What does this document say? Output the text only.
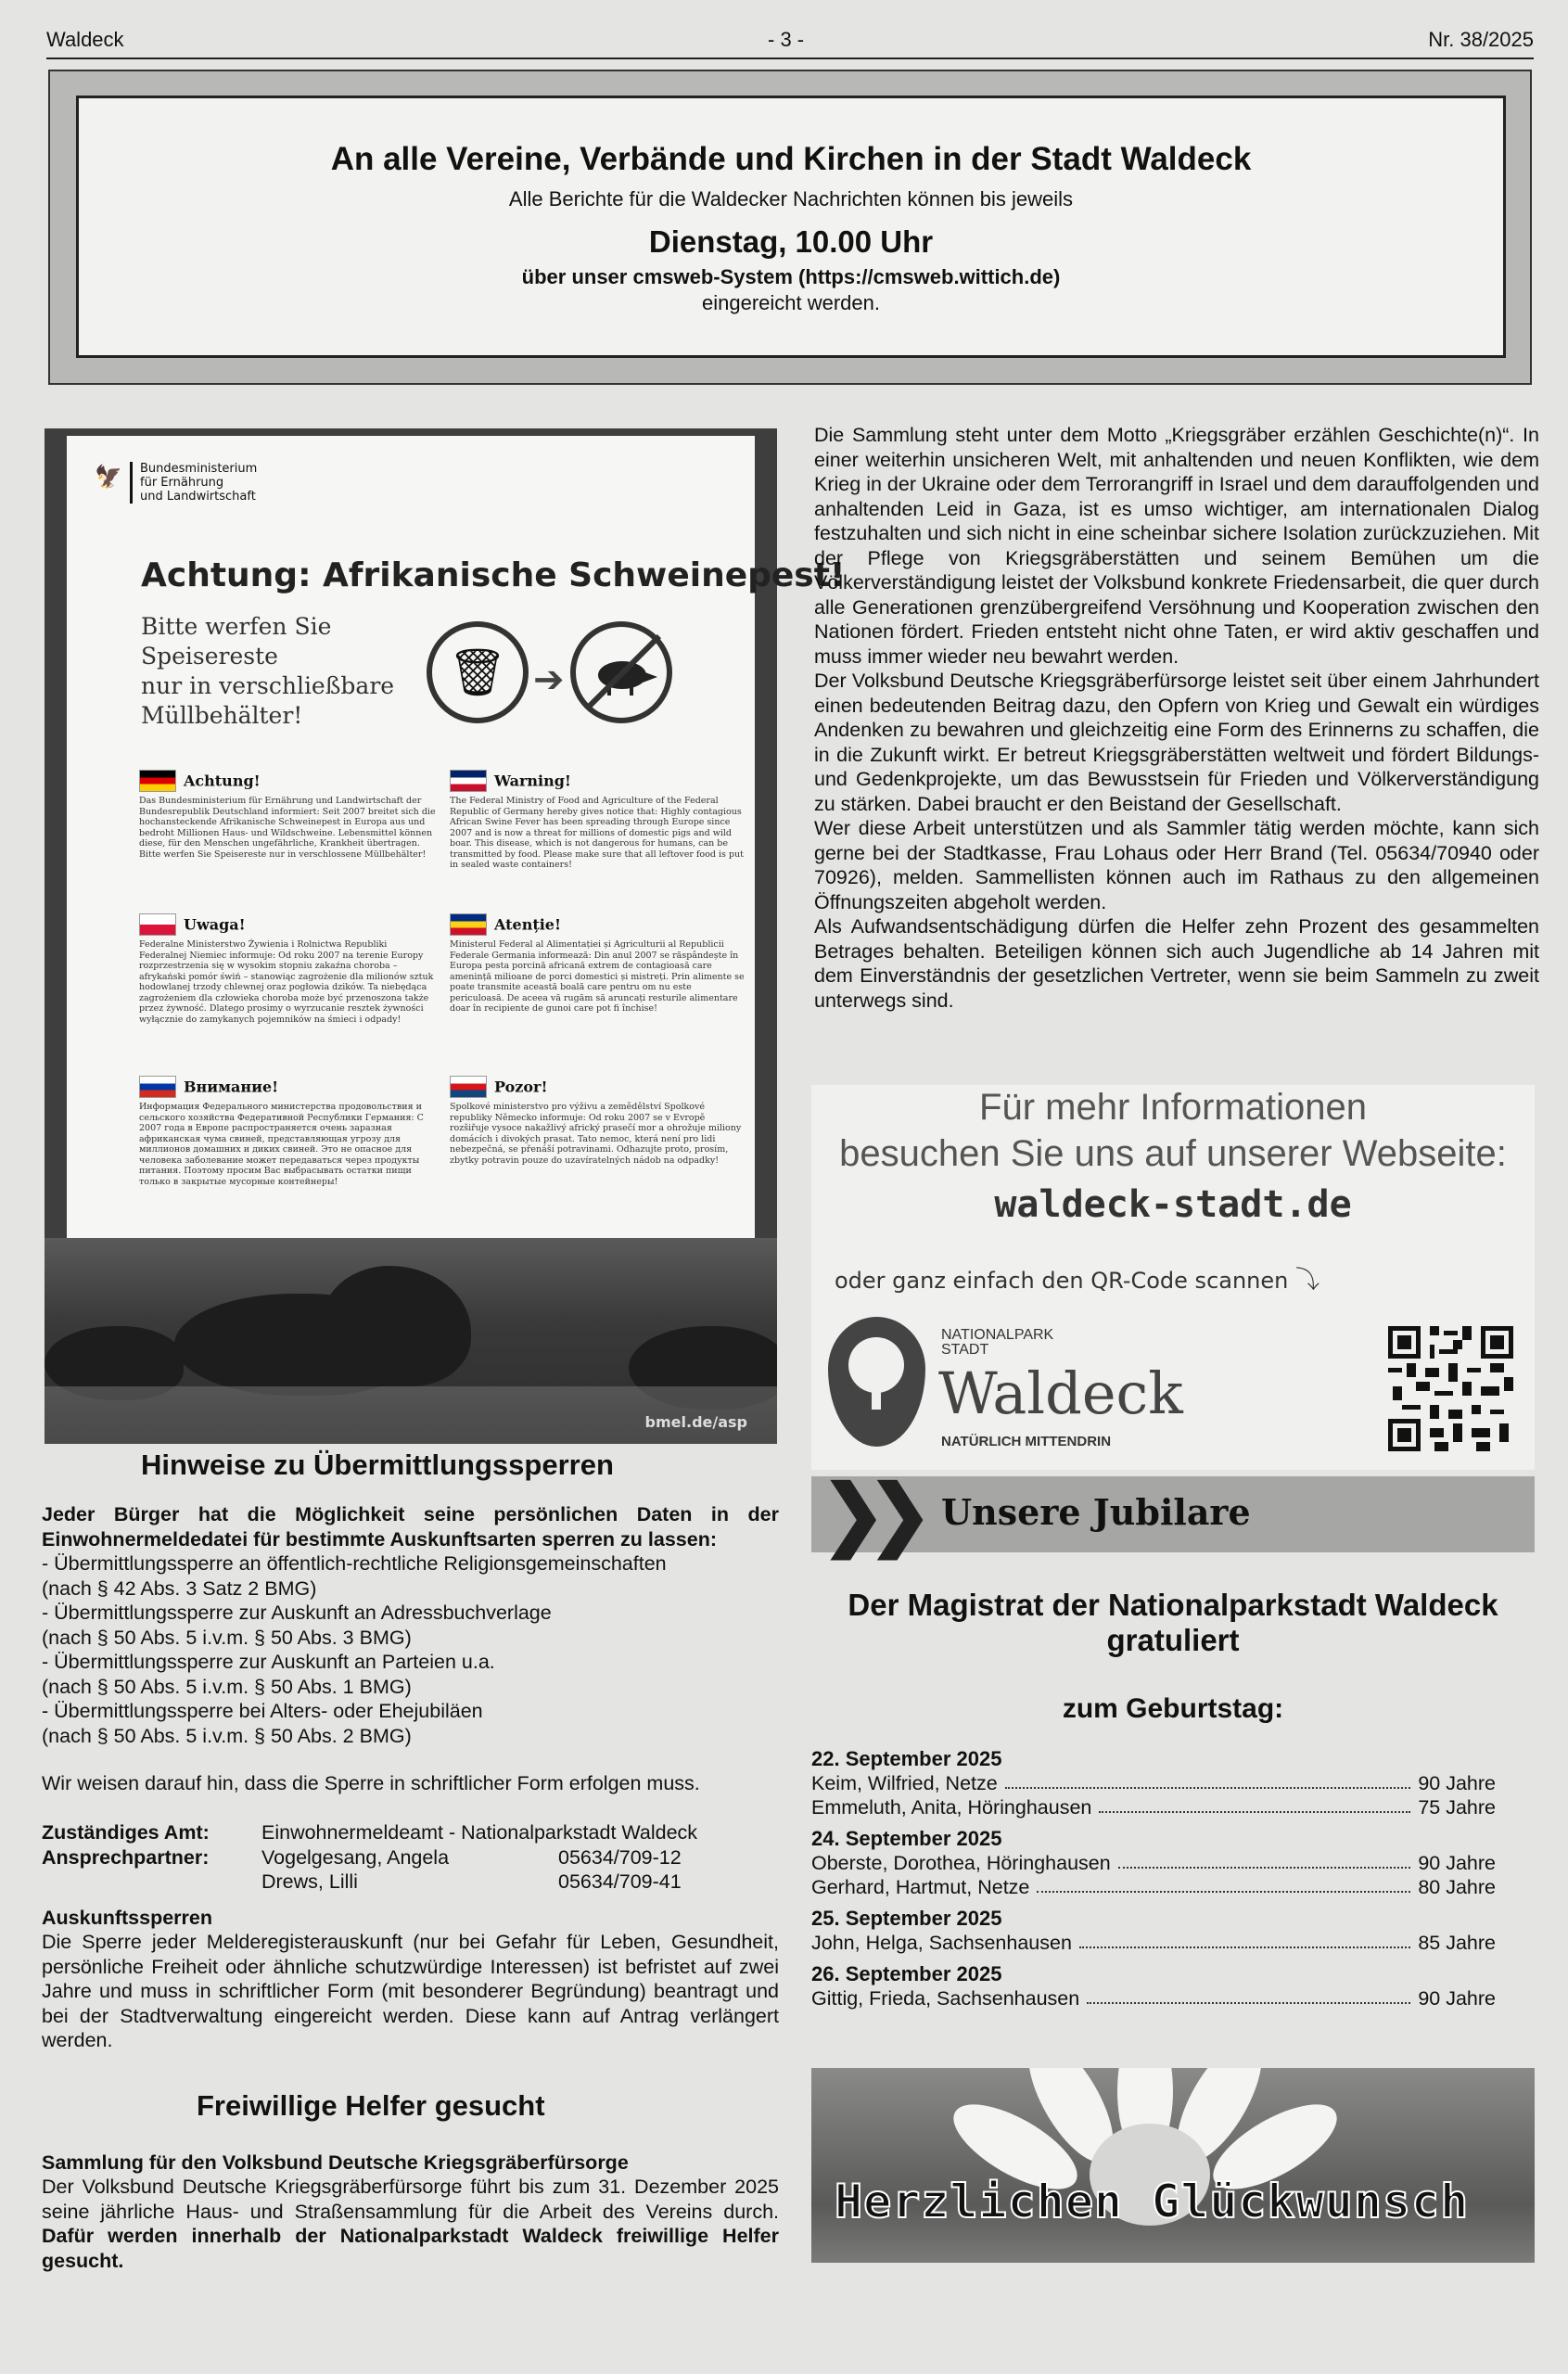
Waldeck	- 3 -	Nr. 38/2025
An alle Vereine, Verbände und Kirchen in der Stadt Waldeck
Alle Berichte für die Waldecker Nachrichten können bis jeweils
Dienstag, 10.00 Uhr
über unser cmsweb-System (https://cmsweb.wittich.de)
eingereicht werden.
🦅 Bundesministerium
für Ernährung
und Landwirtschaft
Achtung: Afrikanische Schweinepest!
Bitte werfen Sie
Speisereste
nur in verschließbare
Müllbehälter!
🗑 ➔
Achtung!
Das Bundesministerium für Ernährung und Landwirtschaft der Bundesrepublik Deutschland informiert: Seit 2007 breitet sich die hochansteckende Afrikanische Schweinepest in Europa aus und bedroht Millionen Haus- und Wildschweine. Lebensmittel können diese, für den Menschen ungefährliche, Krankheit übertragen. Bitte werfen Sie Speisereste nur in verschlossene Müllbehälter!
Warning!
The Federal Ministry of Food and Agriculture of the Federal Republic of Germany hereby gives notice that: Highly contagious African Swine Fever has been spreading through Europe since 2007 and is now a threat for millions of domestic pigs and wild boar. This disease, which is not dangerous for humans, can be transmitted by food. Please make sure that all leftover food is put in sealed waste containers!
Uwaga!
Federalne Ministerstwo Żywienia i Rolnictwa Republiki Federalnej Niemiec informuje: Od roku 2007 na terenie Europy rozprzestrzenia się w wysokim stopniu zakaźna choroba – afrykański pomór świń – stanowiąc zagrożenie dla milionów sztuk hodowlanej trzody chlewnej oraz pogłowia dzików. Ta niebędąca zagrożeniem dla człowieka choroba może być przenoszona także przez żywność. Dlatego prosimy o wyrzucanie resztek żywności wyłącznie do zamykanych pojemników na śmieci i odpady!
Atenție!
Ministerul Federal al Alimentației și Agriculturii al Republicii Federale Germania informează: Din anul 2007 se răspândește în Europa pesta porcină africană extrem de contagioasă care amenință milioane de porci domestici și mistreți. Prin alimente se poate transmite această boală care pentru om nu este periculoasă. De aceea vă rugăm să aruncați resturile alimentare doar în recipiente de gunoi care pot fi închise!
Внимание!
Информация Федерального министерства продовольствия и сельского хозяйства Федеративной Республики Германия: С 2007 года в Европе распространяется очень заразная африканская чума свиней, представляющая угрозу для миллионов домашних и диких свиней. Это не опасное для человека заболевание может передаваться через продукты питания. Поэтому просим Вас выбрасывать остатки пищи только в закрытые мусорные контейнеры!
Pozor!
Spolkové ministerstvo pro výživu a zemědělství Spolkové republiky Německo informuje: Od roku 2007 se v Evropě rozšiřuje vysoce nakažlivý africký prasečí mor a ohrožuje miliony domácích i divokých prasat. Tato nemoc, která není pro lidi nebezpečná, se přenáší potravinami. Odhazujte proto, prosím, zbytky potravin pouze do uzavíratelných nádob na odpadky!
bmel.de/asp
Hinweise zu Übermittlungssperren
Jeder Bürger hat die Möglichkeit seine persönlichen Daten in der Einwohnermeldedatei für bestimmte Auskunftsarten sperren zu lassen:
- Übermittlungssperre an öffentlich-rechtliche Religionsgemeinschaften
(nach § 42 Abs. 3 Satz 2 BMG)
- Übermittlungssperre zur Auskunft an Adressbuchverlage
(nach § 50 Abs. 5 i.v.m. § 50 Abs. 3 BMG)
- Übermittlungssperre zur Auskunft an Parteien u.a.
(nach § 50 Abs. 5 i.v.m. § 50 Abs. 1 BMG)
- Übermittlungssperre bei Alters- oder Ehejubiläen
(nach § 50 Abs. 5 i.v.m. § 50 Abs. 2 BMG)
Wir weisen darauf hin, dass die Sperre in schriftlicher Form erfolgen muss.
Zuständiges Amt:	Einwohnermeldeamt - Nationalparkstadt Waldeck
Ansprechpartner:	Vogelgesang, Angela	05634/709-12
Drews, Lilli	05634/709-41
Auskunftssperren
Die Sperre jeder Melderegisterauskunft (nur bei Gefahr für Leben, Gesundheit, persönliche Freiheit oder ähnliche schutzwürdige Interessen) ist befristet auf zwei Jahre und muss in schriftlicher Form (mit besonderer Begründung) beantragt und bei der Stadtverwaltung eingereicht werden. Diese kann auf Antrag verlängert werden.
Freiwillige Helfer gesucht
Sammlung für den Volksbund Deutsche Kriegsgräberfürsorge
Der Volksbund Deutsche Kriegsgräberfürsorge führt bis zum 31. Dezember 2025 seine jährliche Haus- und Straßensammlung für die Arbeit des Vereins durch. Dafür werden innerhalb der Nationalparkstadt Waldeck freiwillige Helfer gesucht.

Die Sammlung steht unter dem Motto „Kriegsgräber erzählen Geschichte(n)“. In einer weiterhin unsicheren Welt, mit anhaltenden und neuen Konflikten, wie dem Krieg in der Ukraine oder dem Terrorangriff in Israel und dem darauffolgenden und anhaltenden Leid in Gaza, ist es umso wichtiger, am internationalen Dialog festzuhalten und sich nicht in eine scheinbar sichere Isolation zurückzuziehen. Mit der Pflege von Kriegsgräberstätten und seinem Bemühen um die Völkerverständigung leistet der Volksbund konkrete Friedensarbeit, die quer durch alle Generationen grenzübergreifend Versöhnung und Kooperation zwischen den Nationen fördert. Frieden entsteht nicht ohne Taten, er wird aktiv geschaffen und muss immer wieder neu bewahrt werden.

Der Volksbund Deutsche Kriegsgräberfürsorge leistet seit über einem Jahrhundert einen bedeutenden Beitrag dazu, den Opfern von Krieg und Gewalt ein würdiges Andenken zu bewahren und gleichzeitig eine Form des Erinnerns zu schaffen, die in die Zukunft wirkt. Er betreut Kriegsgräberstätten weltweit und fördert Bildungs- und Gedenkprojekte, um das Bewusstsein für Frieden und Völkerverständigung zu stärken. Dabei braucht er den Beistand der Gesellschaft.

Wer diese Arbeit unterstützen und als Sammler tätig werden möchte, kann sich gerne bei der Stadtkasse, Frau Lohaus oder Herr Brand (Tel. 05634/70940 oder 70926), melden. Sammellisten können auch im Rathaus zu den allgemeinen Öffnungszeiten abgeholt werden.

Als Aufwandsentschädigung dürfen die Helfer zehn Prozent des gesammelten Betrages behalten. Beteiligen können sich auch Jugendliche ab 14 Jahren mit dem Einverständnis der gesetzlichen Vertreter, wenn sie beim Sammeln zu zweit unterwegs sind.

Für mehr Informationen
besuchen Sie uns auf unserer Webseite:
waldeck-stadt.de
oder ganz einfach den QR-Code scannen ⤵
NATIONALPARK
STADT
Waldeck
NATÜRLICH MITTENDRIN
❯❯ Unsere Jubilare
Der Magistrat der Nationalparkstadt Waldeck gratuliert
zum Geburtstag:
22. September 2025
Keim, Wilfried, Netze	90 Jahre
Emmeluth, Anita, Höringhausen	75 Jahre
24. September 2025
Oberste, Dorothea, Höringhausen	90 Jahre
Gerhard, Hartmut, Netze	80 Jahre
25. September 2025
John, Helga, Sachsenhausen	85 Jahre
26. September 2025
Gittig, Frieda, Sachsenhausen	90 Jahre
Herzlichen Glückwunsch
